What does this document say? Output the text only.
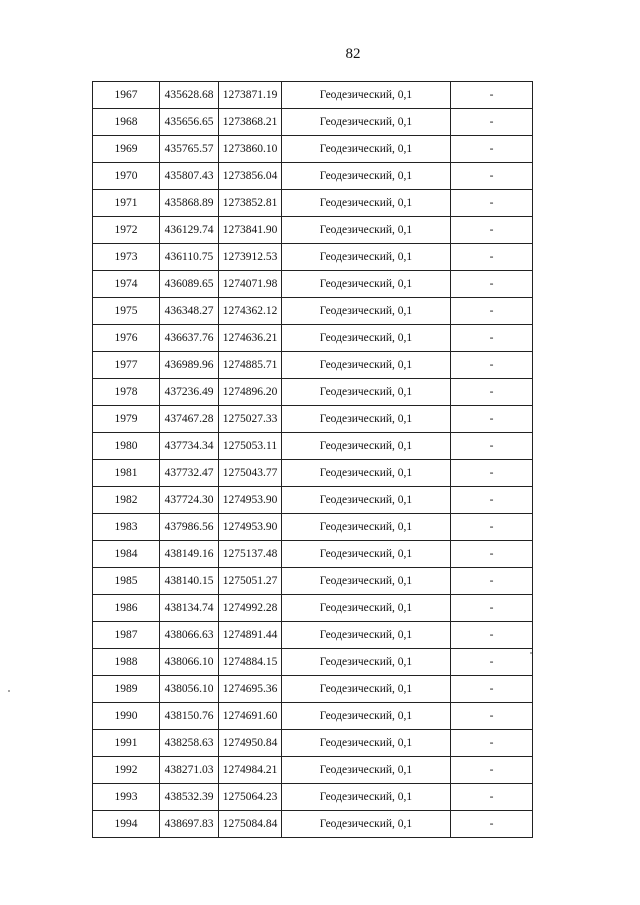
82
1967	435628.68	1273871.19	Геодезический, 0,1	-
1968	435656.65	1273868.21	Геодезический, 0,1	-
1969	435765.57	1273860.10	Геодезический, 0,1	-
1970	435807.43	1273856.04	Геодезический, 0,1	-
1971	435868.89	1273852.81	Геодезический, 0,1	-
1972	436129.74	1273841.90	Геодезический, 0,1	-
1973	436110.75	1273912.53	Геодезический, 0,1	-
1974	436089.65	1274071.98	Геодезический, 0,1	-
1975	436348.27	1274362.12	Геодезический, 0,1	-
1976	436637.76	1274636.21	Геодезический, 0,1	-
1977	436989.96	1274885.71	Геодезический, 0,1	-
1978	437236.49	1274896.20	Геодезический, 0,1	-
1979	437467.28	1275027.33	Геодезический, 0,1	-
1980	437734.34	1275053.11	Геодезический, 0,1	-
1981	437732.47	1275043.77	Геодезический, 0,1	-
1982	437724.30	1274953.90	Геодезический, 0,1	-
1983	437986.56	1274953.90	Геодезический, 0,1	-
1984	438149.16	1275137.48	Геодезический, 0,1	-
1985	438140.15	1275051.27	Геодезический, 0,1	-
1986	438134.74	1274992.28	Геодезический, 0,1	-
1987	438066.63	1274891.44	Геодезический, 0,1	-
1988	438066.10	1274884.15	Геодезический, 0,1	-
1989	438056.10	1274695.36	Геодезический, 0,1	-
1990	438150.76	1274691.60	Геодезический, 0,1	-
1991	438258.63	1274950.84	Геодезический, 0,1	-
1992	438271.03	1274984.21	Геодезический, 0,1	-
1993	438532.39	1275064.23	Геодезический, 0,1	-
1994	438697.83	1275084.84	Геодезический, 0,1	-
